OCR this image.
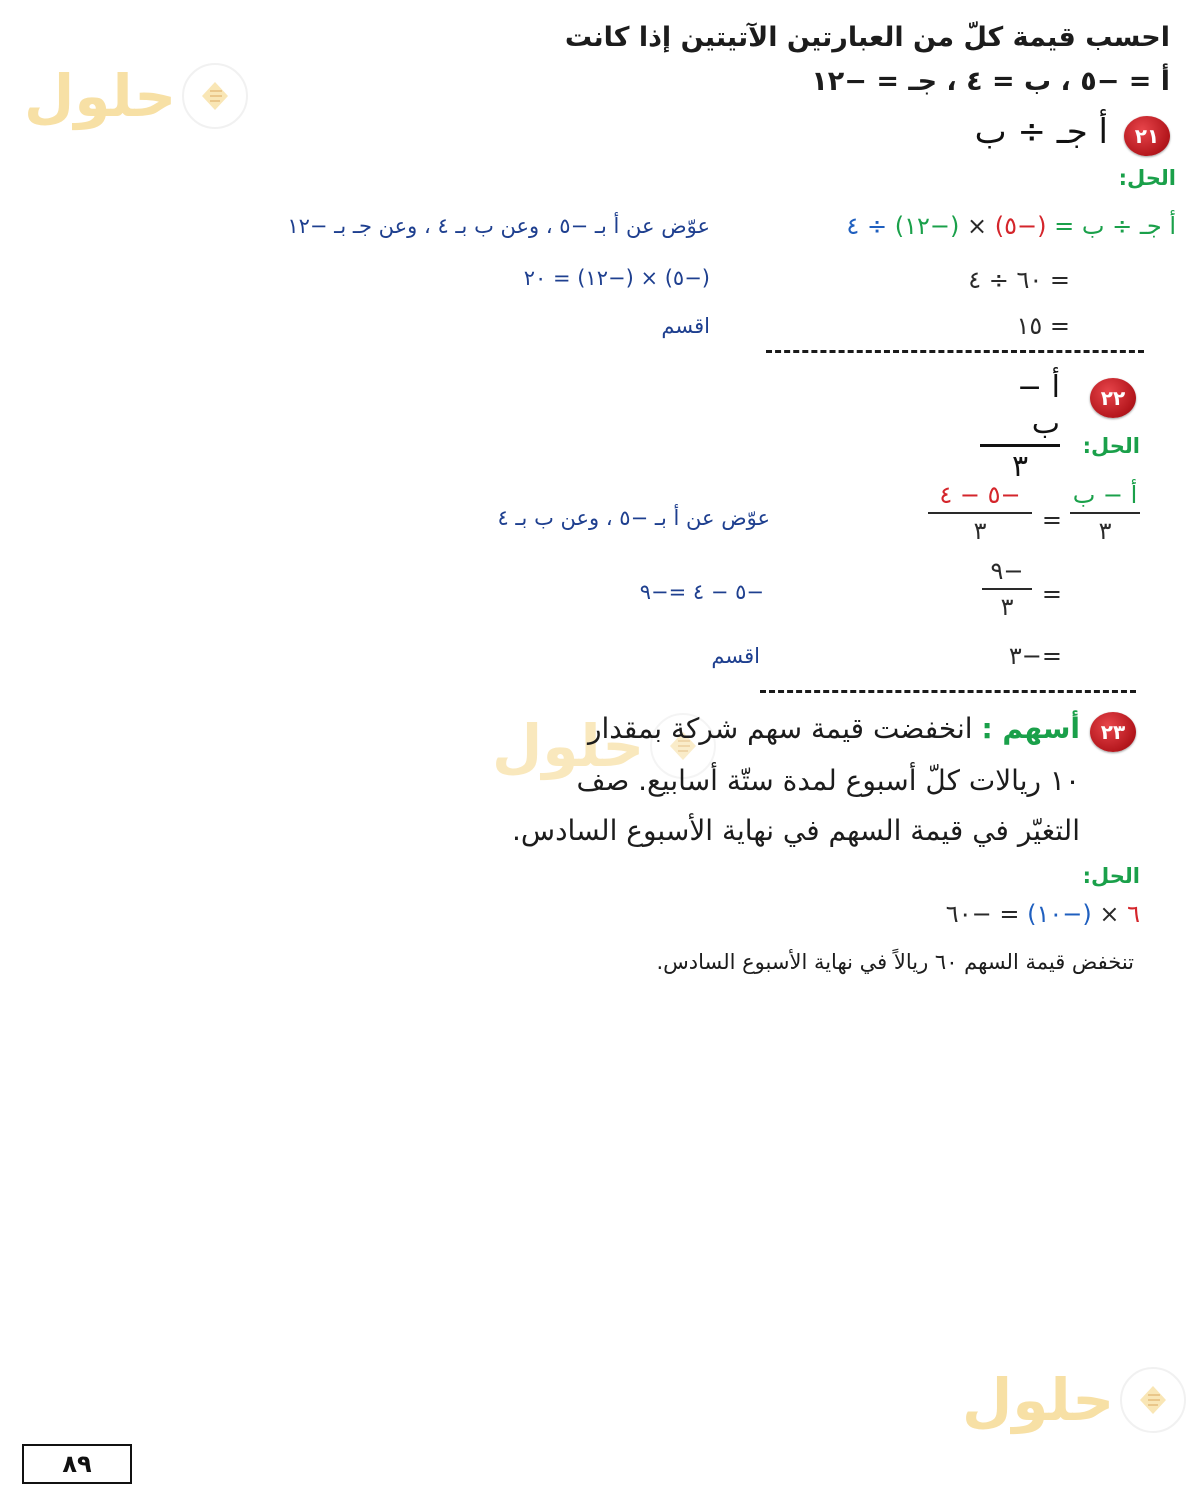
حلول
حلول
حلول
احسب قيمة كلّ من العبارتين الآتيتين إذا كانت
أ = −٥ ، ب = ٤ ، جـ = −١٢
٢١
أ جـ ÷ ب
الحل:
أ جـ ÷ ب = (−٥) × (−١٢) ÷ ٤
= ٦٠ ÷ ٤
= ١٥
عوّض عن أ بـ −٥ ، وعن ب بـ ٤ ، وعن جـ بـ −١٢
(−٥) × (−١٢) = ٢٠
اقسم
٢٢
أ − ب
٣
الحل:
أ − ب
٣
=
−٥ − ٤
٣
=
−٩
٣
=−٣
عوّض عن أ بـ −٥ ، وعن ب بـ ٤
−٥ − ٤ =−٩
اقسم
٢٣
أسهم : انخفضت قيمة سهم شركة بمقدار
١٠ ريالات كلّ أسبوع لمدة ستّة أسابيع. صف
التغيّر في قيمة السهم في نهاية الأسبوع السادس.
الحل:
٦ × (−١٠) = −٦٠
تنخفض قيمة السهم ٦٠ ريالاً في نهاية الأسبوع السادس.
٨٩
